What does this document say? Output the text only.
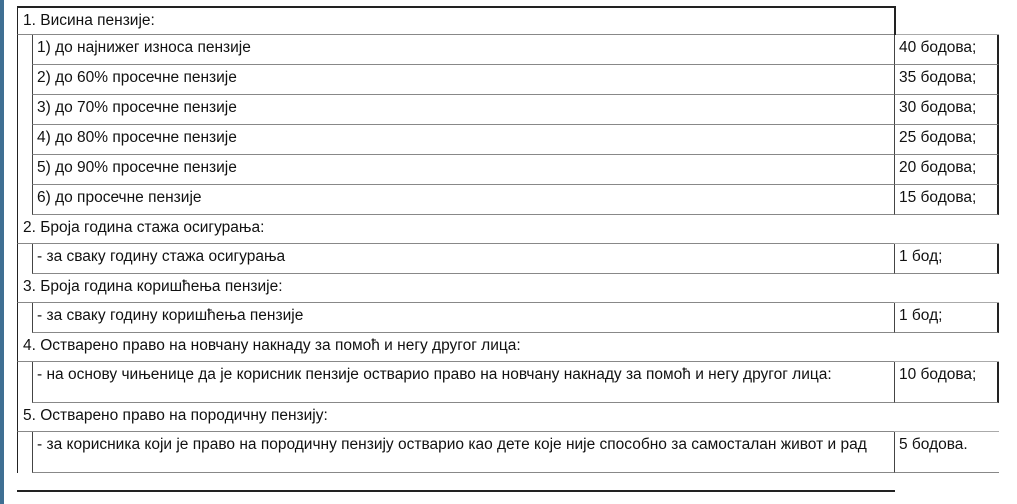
1. Висина пензије:
1) до најнижег износа пензије	40 бодова;
2) до 60% просечне пензије	35 бодова;
3) до 70% просечне пензије	30 бодова;
4) до 80% просечне пензије	25 бодова;
5) до 90% просечне пензије	20 бодова;
6) до просечне пензије	15 бодова;
2. Броја година стажа осигурања:
- за сваку годину стажа осигурања	1 бод;
3. Броја година коришћења пензије:
- за сваку годину коришћења пензије	1 бод;
4. Остварено право на новчану накнаду за помоћ и негу другог лица:
- на основу чињенице да је корисник пензије остварио право на новчану накнаду за помоћ и негу другог лица:	10 бодова;
5. Остварено право на породичну пензију:
- за корисника који је право на породичну пензију остварио као дете које није способно за самосталан живот и рад	5 бодова.
